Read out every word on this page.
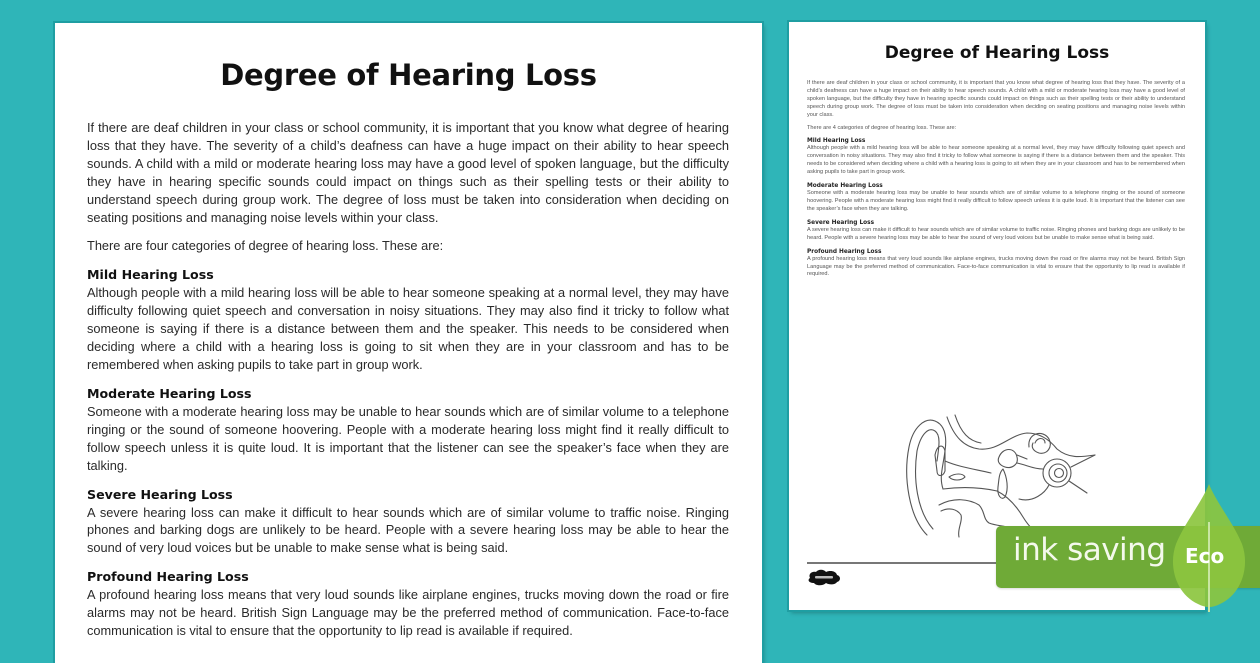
Degree of Hearing Loss

If there are deaf children in your class or school community, it is important that you know what degree of hearing loss that they have. The severity of a child’s deafness can have a huge impact on their ability to hear speech sounds. A child with a mild or moderate hearing loss may have a good level of spoken language, but the difficulty they have in hearing specific sounds could impact on things such as their spelling tests or their ability to understand speech during group work. The degree of loss must be taken into consideration when deciding on seating positions and managing noise levels within your class.

There are four categories of degree of hearing loss. These are:

Mild Hearing Loss

Although people with a mild hearing loss will be able to hear someone speaking at a normal level, they may have difficulty following quiet speech and conversation in noisy situations. They may also find it tricky to follow what someone is saying if there is a distance between them and the speaker. This needs to be considered when deciding where a child with a hearing loss is going to sit when they are in your classroom and has to be remembered when asking pupils to take part in group work.

Moderate Hearing Loss

Someone with a moderate hearing loss may be unable to hear sounds which are of similar volume to a telephone ringing or the sound of someone hoovering. People with a moderate hearing loss might find it really difficult to follow speech unless it is quite loud. It is important that the listener can see the speaker’s face when they are talking.

Severe Hearing Loss

A severe hearing loss can make it difficult to hear sounds which are of similar volume to traffic noise. Ringing phones and barking dogs are unlikely to be heard. People with a severe hearing loss may be able to hear the sound of very loud voices but be unable to make sense what is being said.

Profound Hearing Loss

A profound hearing loss means that very loud sounds like airplane engines, trucks moving down the road or fire alarms may not be heard. British Sign Language may be the preferred method of communication. Face-to-face communication is vital to ensure that the opportunity to lip read is available if required.

Degree of Hearing Loss

If there are deaf children in your class or school community, it is important that you know what degree of hearing loss that they have. The severity of a child’s deafness can have a huge impact on their ability to hear speech sounds. A child with a mild or moderate hearing loss may have a good level of spoken language, but the difficulty they have in hearing specific sounds could impact on things such as their spelling tests or their ability to understand speech during group work. The degree of loss must be taken into consideration when deciding on seating positions and managing noise levels within your class.

There are 4 categories of degree of hearing loss. These are:

Mild Hearing Loss

Although people with a mild hearing loss will be able to hear someone speaking at a normal level, they may have difficulty following quiet speech and conversation in noisy situations. They may also find it tricky to follow what someone is saying if there is a distance between them and the speaker. This needs to be considered when deciding where a child with a hearing loss is going to sit when they are in your classroom and has to be remembered when asking pupils to take part in group work.

Moderate Hearing Loss

Someone with a moderate hearing loss may be unable to hear sounds which are of similar volume to a telephone ringing or the sound of someone hoovering. People with a moderate hearing loss might find it really difficult to follow speech unless it is quite loud. It is important that the listener can see the speaker’s face when they are talking.

Severe Hearing Loss

A severe hearing loss can make it difficult to hear sounds which are of similar volume to traffic noise. Ringing phones and barking dogs are unlikely to be heard. People with a severe hearing loss may be able to hear the sound of very loud voices but be unable to make sense what is being said.

Profound Hearing Loss

A profound hearing loss means that very loud sounds like airplane engines, trucks moving down the road or fire alarms may not be heard. British Sign Language may be the preferred method of communication. Face-to-face communication is vital to ensure that the opportunity to lip read is available if required.

ink saving Eco
